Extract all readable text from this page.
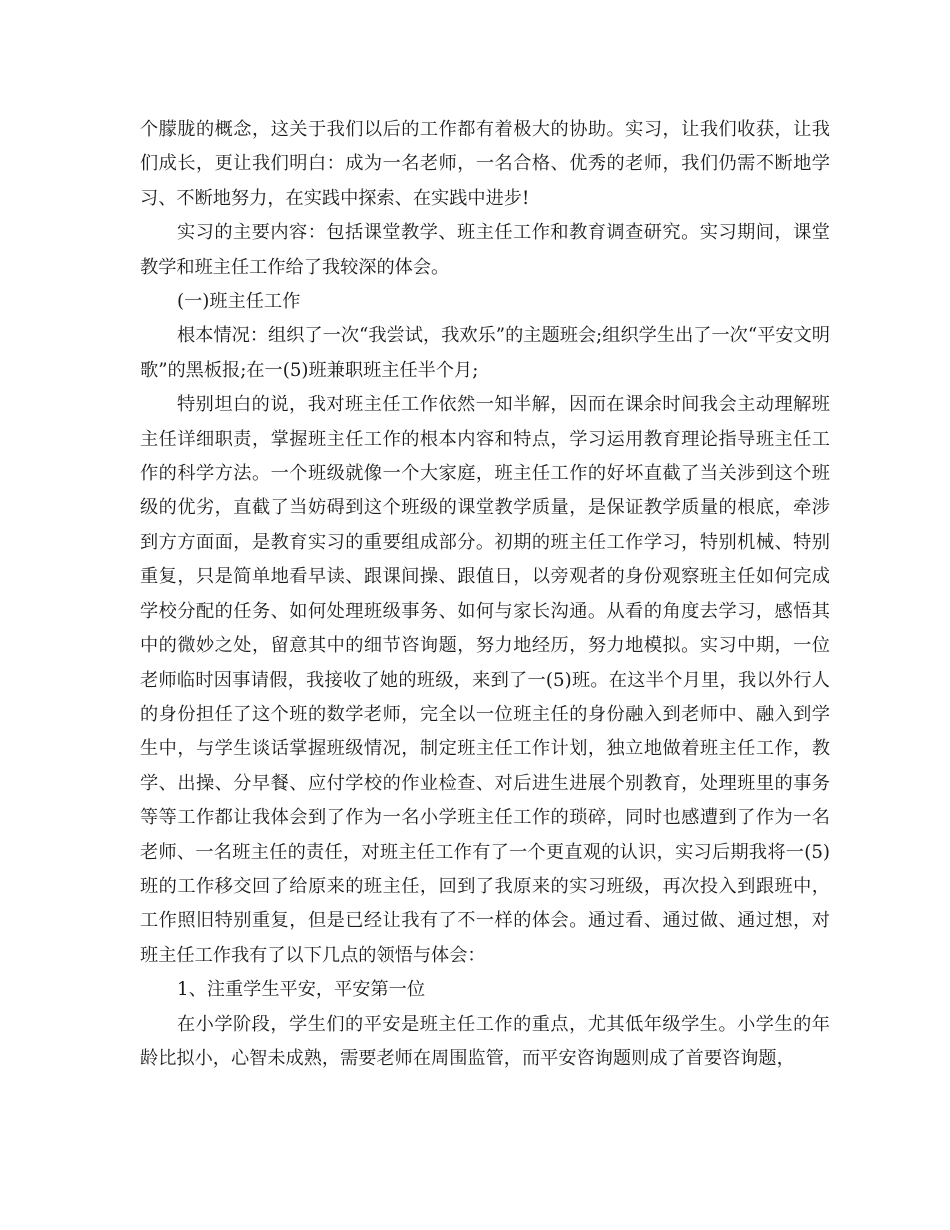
个朦胧的概念，这关于我们以后的工作都有着极大的协助。实习，让我们收获，让我们成长，更让我们明白：成为一名老师，一名合格、优秀的老师，我们仍需不断地学习、不断地努力，在实践中探索、在实践中进步!

实习的主要内容：包括课堂教学、班主任工作和教育调查研究。实习期间，课堂教学和班主任工作给了我较深的体会。

(一)班主任工作

根本情况：组织了一次“我尝试，我欢乐”的主题班会;组织学生出了一次“平安文明歌”的黑板报;在一(5)班兼职班主任半个月;

特别坦白的说，我对班主任工作依然一知半解，因而在课余时间我会主动理解班主任详细职责，掌握班主任工作的根本内容和特点，学习运用教育理论指导班主任工作的科学方法。一个班级就像一个大家庭，班主任工作的好坏直截了当关涉到这个班级的优劣，直截了当妨碍到这个班级的课堂教学质量，是保证教学质量的根底，牵涉到方方面面，是教育实习的重要组成部分。初期的班主任工作学习，特别机械、特别重复，只是简单地看早读、跟课间操、跟值日，以旁观者的身份观察班主任如何完成学校分配的任务、如何处理班级事务、如何与家长沟通。从看的角度去学习，感悟其中的微妙之处，留意其中的细节咨询题，努力地经历，努力地模拟。实习中期，一位老师临时因事请假，我接收了她的班级，来到了一(5)班。在这半个月里，我以外行人的身份担任了这个班的数学老师，完全以一位班主任的身份融入到老师中、融入到学生中，与学生谈话掌握班级情况，制定班主任工作计划，独立地做着班主任工作，教学、出操、分早餐、应付学校的作业检查、对后进生进展个别教育，处理班里的事务等等工作都让我体会到了作为一名小学班主任工作的琐碎，同时也感遭到了作为一名老师、一名班主任的责任，对班主任工作有了一个更直观的认识，实习后期我将一(5)班的工作移交回了给原来的班主任，回到了我原来的实习班级，再次投入到跟班中，工作照旧特别重复，但是已经让我有了不一样的体会。通过看、通过做、通过想，对班主任工作我有了以下几点的领悟与体会：

1、注重学生平安，平安第一位

在小学阶段，学生们的平安是班主任工作的重点，尤其低年级学生。小学生的年龄比拟小，心智未成熟，需要老师在周围监管，而平安咨询题则成了首要咨询题，
